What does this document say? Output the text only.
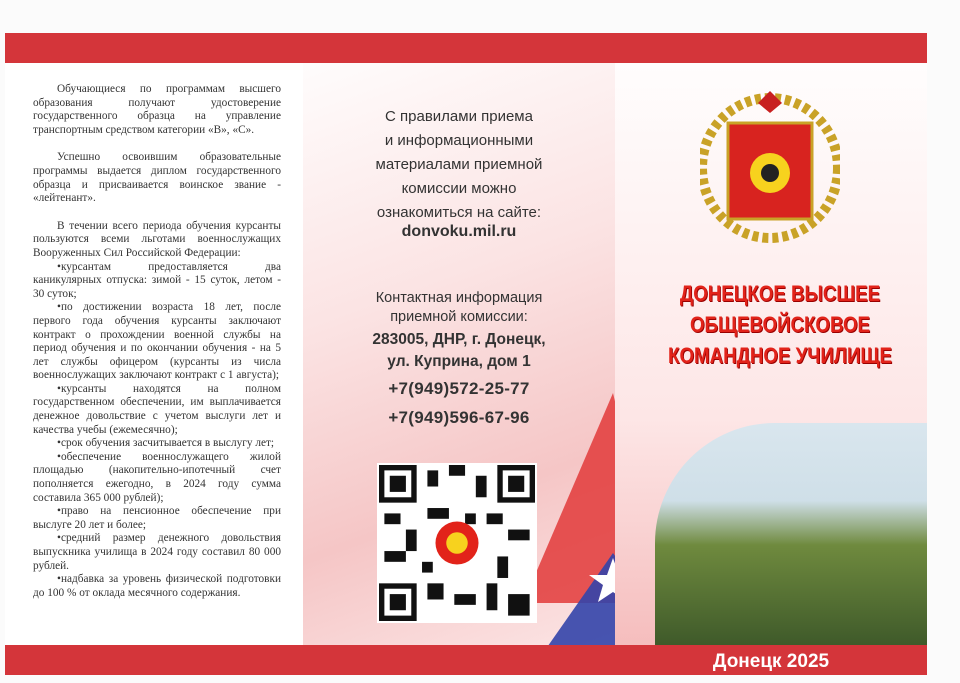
Обучающиеся по программам высшего образования получают удостоверение государственного образца на управление транспортным средством категории «В», «С».

Успешно освоившим образовательные программы выдается диплом государственного образца и присваивается воинское звание - «лейтенант».

В течении всего периода обучения курсанты пользуются всеми льготами военнослужащих Вооруженных Сил Российской Федерации:

•курсантам предоставляется два каникулярных отпуска: зимой - 15 суток, летом - 30 суток;

•по достижении возраста 18 лет, после первого года обучения курсанты заключают контракт о прохождении военной службы на период обучения и по окончании обучения - на 5 лет службы офицером (курсанты из числа военнослужащих заключают контракт с 1 августа);

•курсанты находятся на полном государственном обеспечении, им выплачивается денежное довольствие с учетом выслуги лет и качества учебы (ежемесячно);

•срок обучения засчитывается в выслугу лет;

•обеспечение военнослужащего жилой площадью (накопительно-ипотечный счет пополняется ежегодно, в 2024 году сумма составила 365 000 рублей);

•право на пенсионное обеспечение при выслуге 20 лет и более;

•средний размер денежного довольствия выпускника училища в 2024 году составил 80 000 рублей.

•надбавка за уровень физической подготовки до 100 % от оклада месячного содержания.

С правилами приема
и информационными
материалами приемной
комиссии можно
ознакомиться на сайте:
donvoku.mil.ru
Контактная информация
приемной комиссии:
283005, ДНР, г. Донецк,
ул. Куприна, дом 1
+7(949)572-25-77
+7(949)596-67-96
ДОНЕЦКОЕ ВЫСШЕЕ
ОБЩЕВОЙСКОВОЕ
КОМАНДНОЕ УЧИЛИЩЕ
Донецк 2025
